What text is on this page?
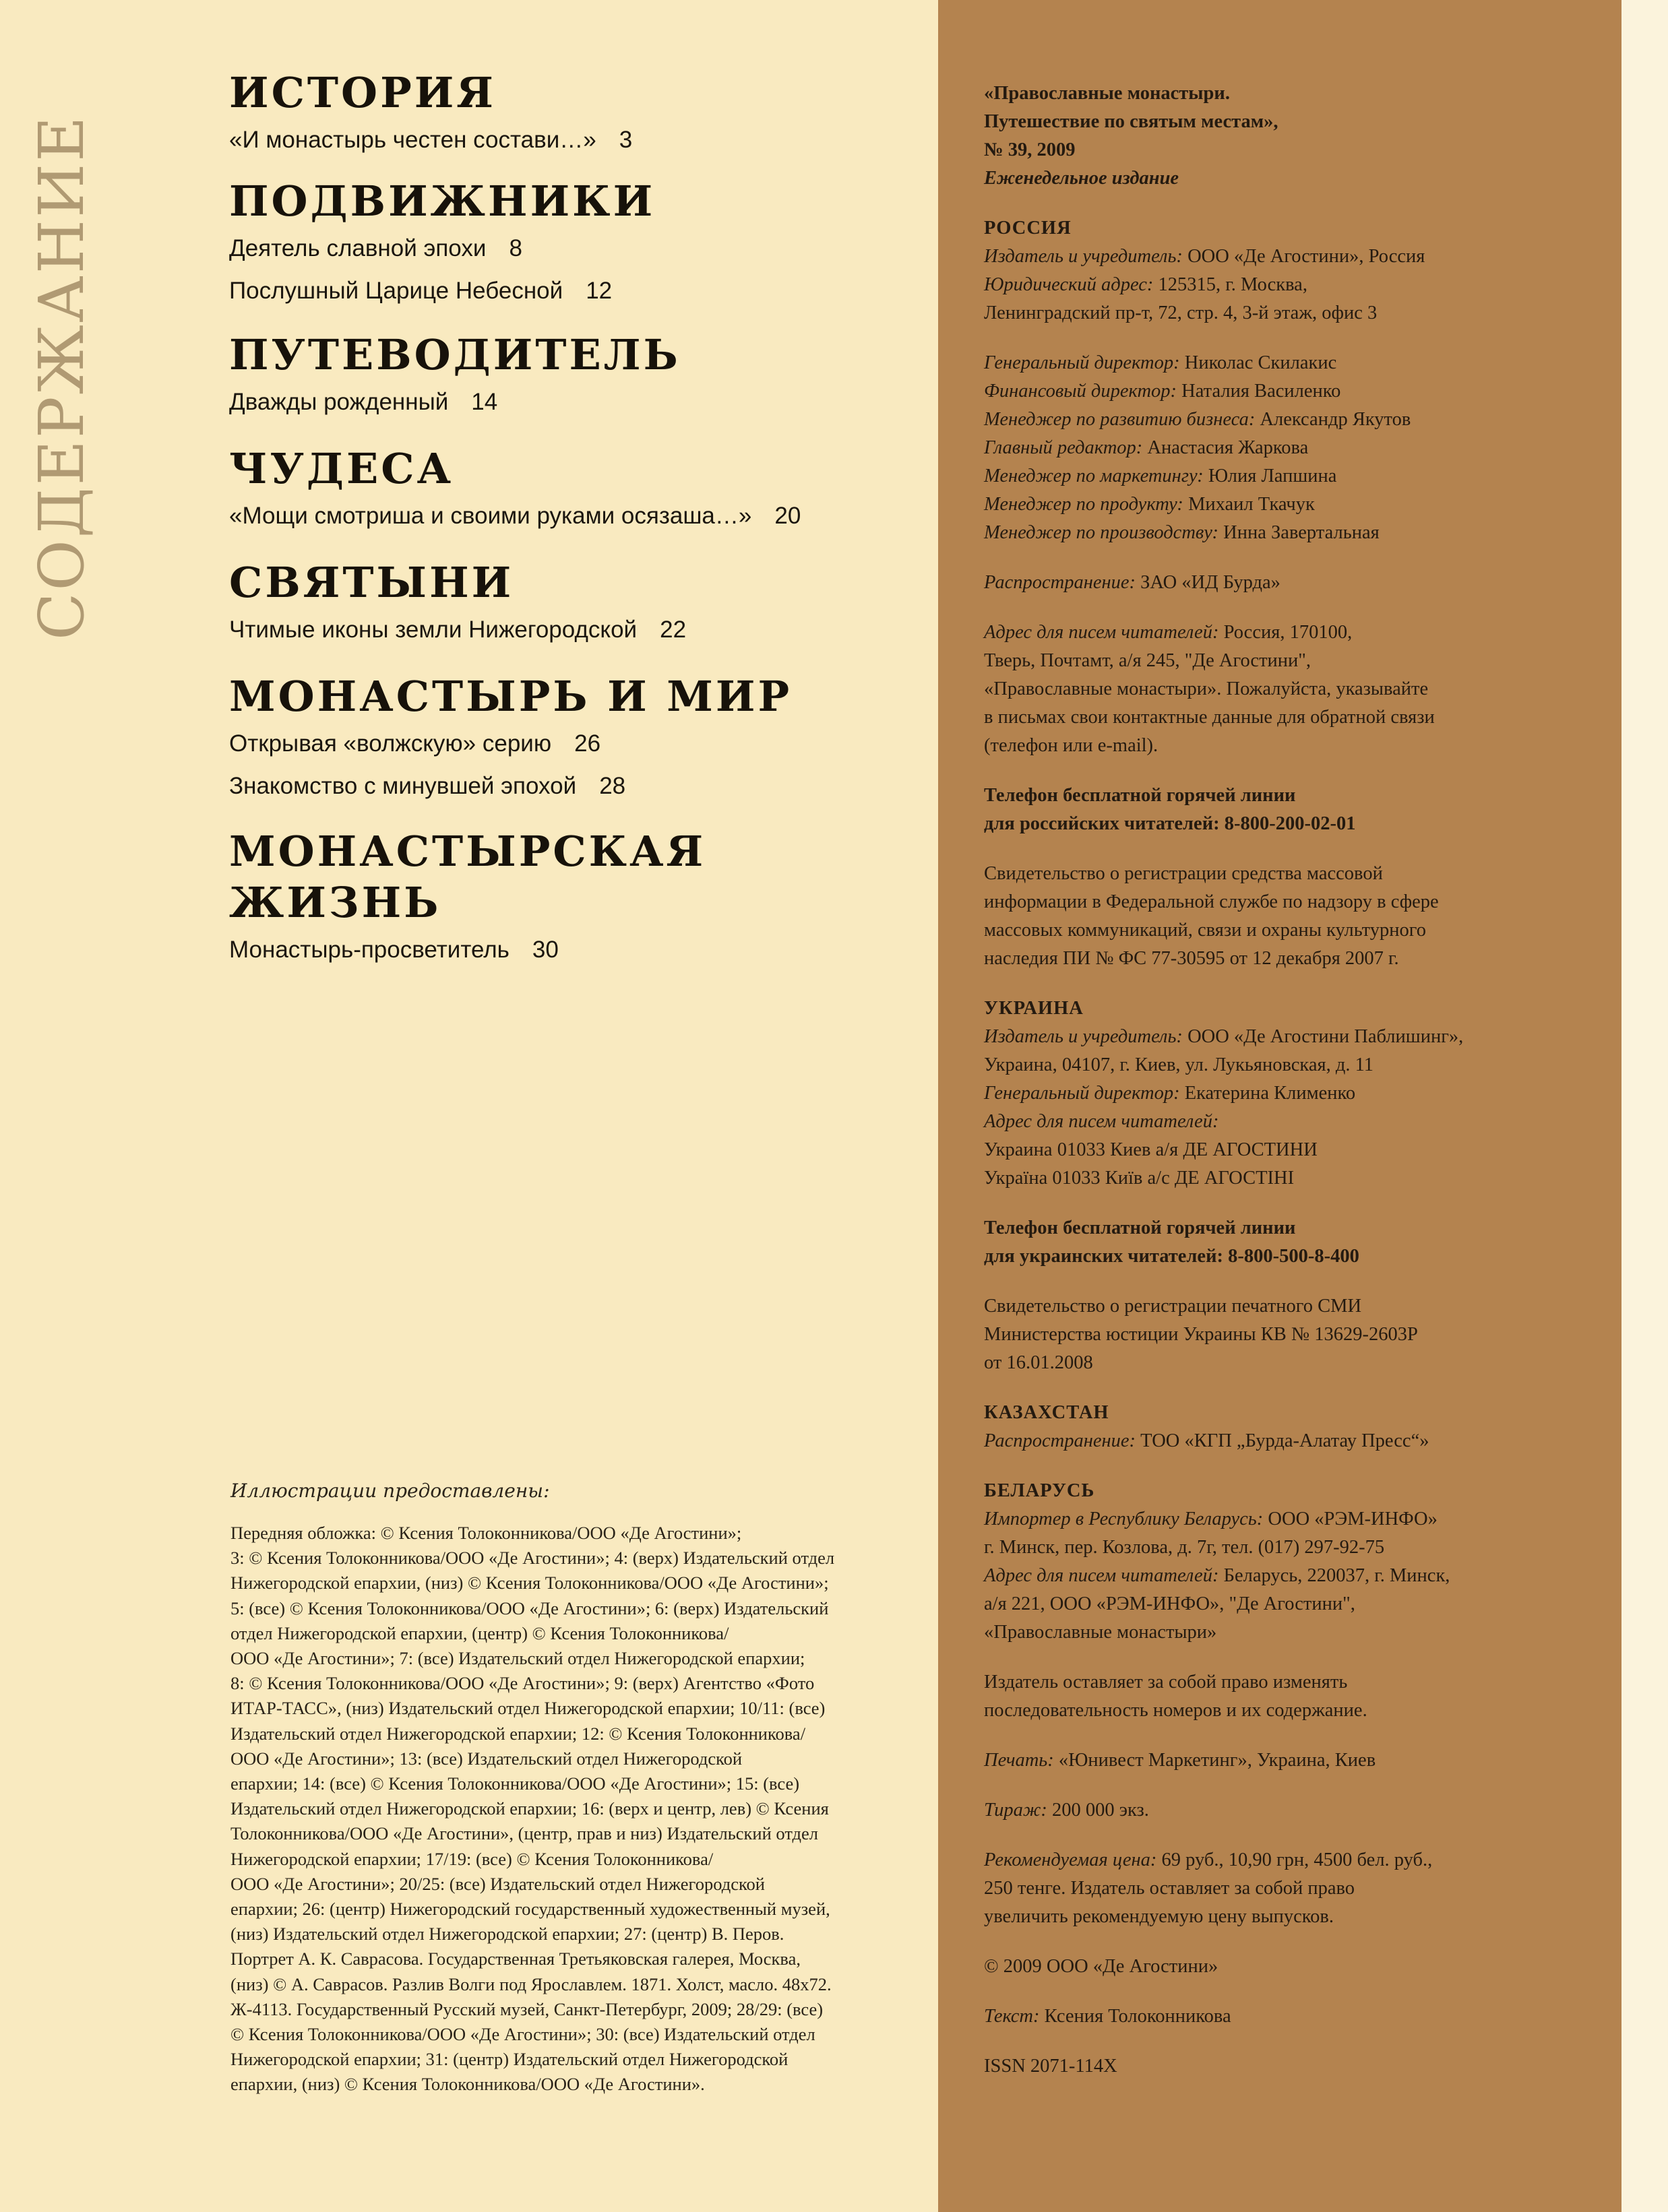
СОДЕРЖАНИЕ
ИСТОРИЯ
«И монастырь честен состави…» 3
ПОДВИЖНИКИ
Деятель славной эпохи 8
Послушный Царице Небесной 12
ПУТЕВОДИТЕЛЬ
Дважды рожденный 14
ЧУДЕСА
«Мощи смотриша и своими руками осязаша…» 20
СВЯТЫНИ
Чтимые иконы земли Нижегородской 22
МОНАСТЫРЬ И МИР
Открывая «волжскую» серию 26
Знакомство с минувшей эпохой 28
МОНАСТЫРСКАЯ ЖИЗНЬ
Монастырь-просветитель 30
Иллюстрации предоставлены:
Передняя обложка: © Ксения Толоконникова/ООО «Де Агостини»;
3: © Ксения Толоконникова/ООО «Де Агостини»; 4: (верх) Издательский отдел
Нижегородской епархии, (низ) © Ксения Толоконникова/ООО «Де Агостини»;
5: (все) © Ксения Толоконникова/ООО «Де Агостини»; 6: (верх) Издательский
отдел Нижегородской епархии, (центр) © Ксения Толоконникова/
ООО «Де Агостини»; 7: (все) Издательский отдел Нижегородской епархии;
8: © Ксения Толоконникова/ООО «Де Агостини»; 9: (верх) Агентство «Фото
ИТАР-ТАСС», (низ) Издательский отдел Нижегородской епархии; 10/11: (все)
Издательский отдел Нижегородской епархии; 12: © Ксения Толоконникова/
ООО «Де Агостини»; 13: (все) Издательский отдел Нижегородской
епархии; 14: (все) © Ксения Толоконникова/ООО «Де Агостини»; 15: (все)
Издательский отдел Нижегородской епархии; 16: (верх и центр, лев) © Ксения
Толоконникова/ООО «Де Агостини», (центр, прав и низ) Издательский отдел
Нижегородской епархии; 17/19: (все) © Ксения Толоконникова/
ООО «Де Агостини»; 20/25: (все) Издательский отдел Нижегородской
епархии; 26: (центр) Нижегородский государственный художественный музей,
(низ) Издательский отдел Нижегородской епархии; 27: (центр) В. Перов.
Портрет А. К. Саврасова. Государственная Третьяковская галерея, Москва,
(низ) © А. Саврасов. Разлив Волги под Ярославлем. 1871. Холст, масло. 48x72.
Ж-4113. Государственный Русский музей, Санкт-Петербург, 2009; 28/29: (все)
© Ксения Толоконникова/ООО «Де Агостини»; 30: (все) Издательский отдел
Нижегородской епархии; 31: (центр) Издательский отдел Нижегородской
епархии, (низ) © Ксения Толоконникова/ООО «Де Агостини».

«Православные монастыри.
Путешествие по святым местам»,
№ 39, 2009
Еженедельное издание

РОССИЯ
Издатель и учредитель: ООО «Де Агостини», Россия
Юридический адрес: 125315, г. Москва,
Ленинградский пр-т, 72, стр. 4, 3-й этаж, офис 3

Генеральный директор: Николас Скилакис
Финансовый директор: Наталия Василенко
Менеджер по развитию бизнеса: Александр Якутов
Главный редактор: Анастасия Жаркова
Менеджер по маркетингу: Юлия Лапшина
Менеджер по продукту: Михаил Ткачук
Менеджер по производству: Инна Завертальная

Распространение: ЗАО «ИД Бурда»

Адрес для писем читателей: Россия, 170100,
Тверь, Почтамт, а/я 245, "Де Агостини",
«Православные монастыри». Пожалуйста, указывайте
в письмах свои контактные данные для обратной связи
(телефон или e-mail).

Телефон бесплатной горячей линии
для российских читателей: 8-800-200-02-01

Свидетельство о регистрации средства массовой
информации в Федеральной службе по надзору в сфере
массовых коммуникаций, связи и охраны культурного
наследия ПИ № ФС 77-30595 от 12 декабря 2007 г.

УКРАИНА
Издатель и учредитель: ООО «Де Агостини Паблишинг»,
Украина, 04107, г. Киев, ул. Лукьяновская, д. 11
Генеральный директор: Екатерина Клименко
Адрес для писем читателей:
Украина 01033 Киев а/я ДЕ АГОСТИНИ
Україна 01033 Київ а/с ДЕ АГОСТІНІ

Телефон бесплатной горячей линии
для украинских читателей: 8-800-500-8-400

Свидетельство о регистрации печатного СМИ
Министерства юстиции Украины КВ № 13629-2603Р
от 16.01.2008

КАЗАХСТАН
Распространение: ТОО «КГП „Бурда-Алатау Пресс“»

БЕЛАРУСЬ
Импортер в Республику Беларусь: ООО «РЭМ-ИНФО»
г. Минск, пер. Козлова, д. 7г, тел. (017) 297-92-75
Адрес для писем читателей: Беларусь, 220037, г. Минск,
а/я 221, ООО «РЭМ-ИНФО», "Де Агостини",
«Православные монастыри»

Издатель оставляет за собой право изменять
последовательность номеров и их содержание.

Печать: «Юнивест Маркетинг», Украина, Киев

Тираж: 200 000 экз.

Рекомендуемая цена: 69 руб., 10,90 грн, 4500 бел. руб.,
250 тенге. Издатель оставляет за собой право
увеличить рекомендуемую цену выпусков.

© 2009 ООО «Де Агостини»

Текст: Ксения Толоконникова

ISSN 2071-114X
